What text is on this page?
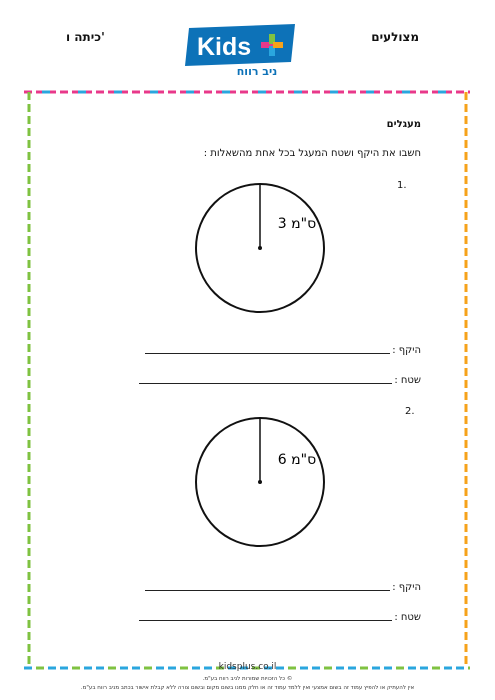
מצולעים
כיתה ו'	Kids
ניב רווח
מעגלים
חשבו את היקף ושטח המעגל בכל אחת מהשאלות :
1.
3 ס"מ
היקף :
שטח :
2.
6 ס"מ
היקף :
שטח :
kidsplus.co.il
© כל הזכויות שמורות לניב רווח בע"מ.
אין להעתיק או להפיץ עמוד זה בשום אמצעי ואין ללמד עמוד זה או חלק ממנו בשום מקום ובשום צורה ללא קבלת אישור בכתב מניב רווח בע"מ.
